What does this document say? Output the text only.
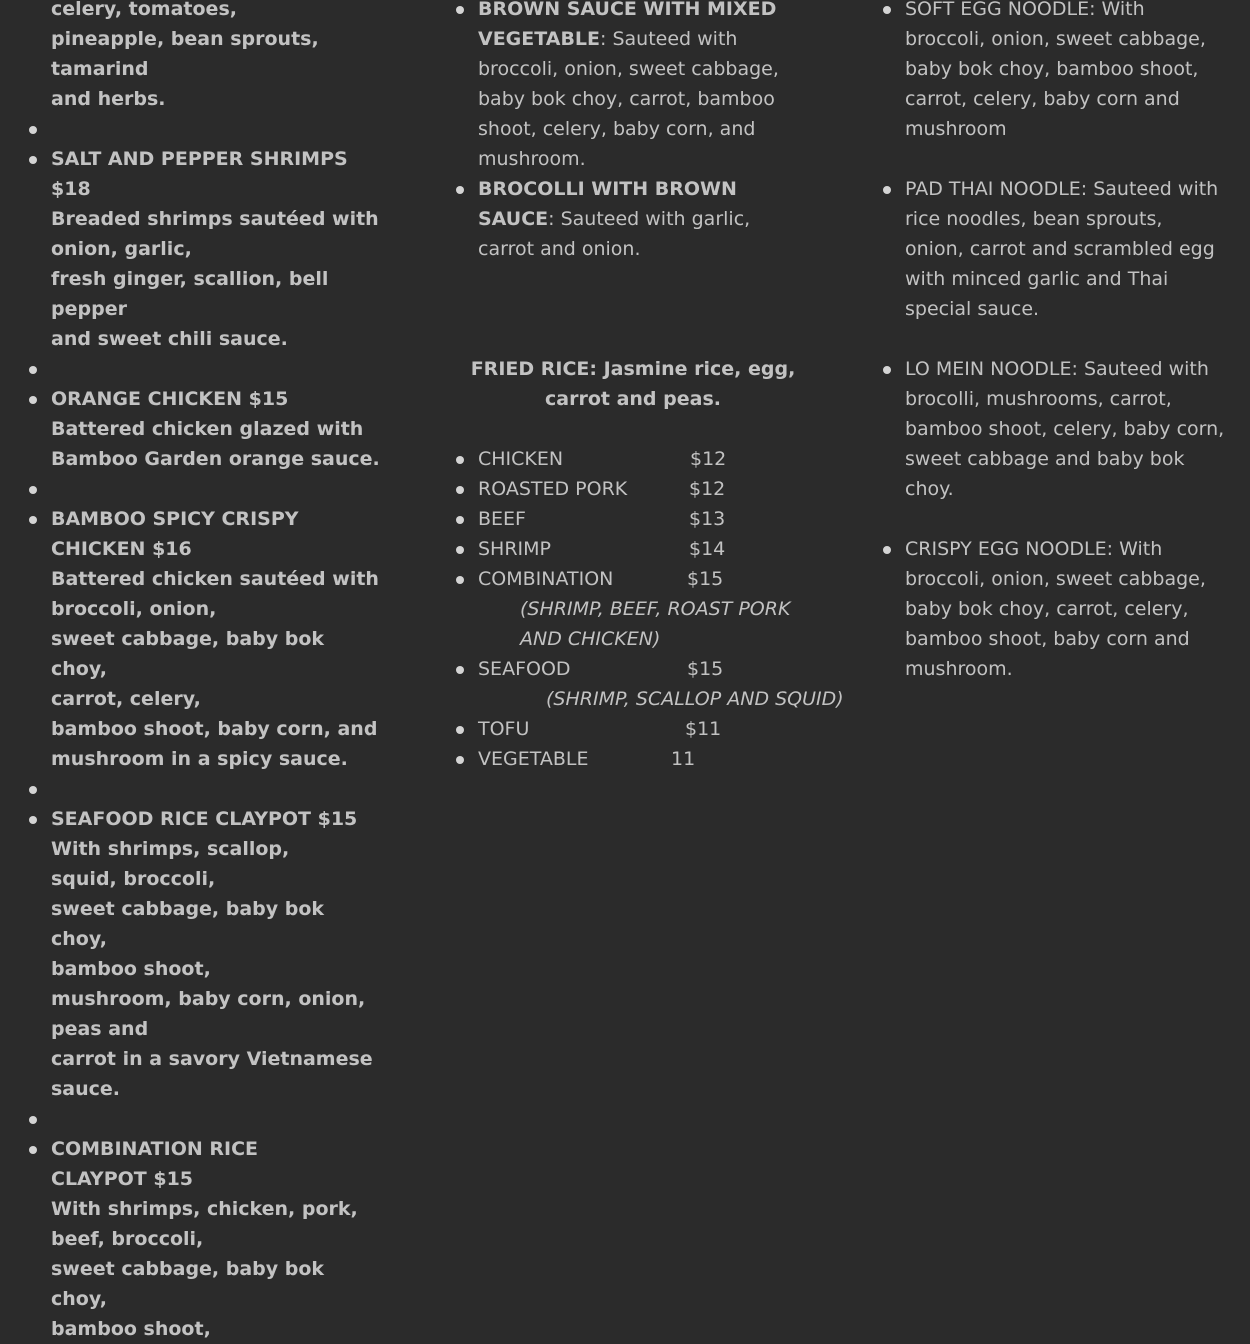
celery, tomatoes,
pineapple, bean sprouts, tamarind
and herbs.
SALT AND PEPPER SHRIMPS $18
Breaded shrimps sautéed with
onion, garlic,
fresh ginger, scallion, bell pepper
and sweet chili sauce.
ORANGE CHICKEN $15
Battered chicken glazed with
Bamboo Garden orange sauce.
BAMBOO SPICY CRISPY
CHICKEN $16
Battered chicken sautéed with
broccoli, onion,
sweet cabbage, baby bok choy,
carrot, celery,
bamboo shoot, baby corn, and
mushroom in a spicy sauce.
SEAFOOD RICE CLAYPOT $15
With shrimps, scallop,
squid, broccoli,
sweet cabbage, baby bok choy,
bamboo shoot,
mushroom, baby corn, onion,
peas and
carrot in a savory Vietnamese sauce.
COMBINATION RICE
CLAYPOT $15
With shrimps, chicken, pork,
beef, broccoli,
sweet cabbage, baby bok choy,
bamboo shoot,
BROWN SAUCE WITH MIXED VEGETABLE: Sauteed with broccoli, onion, sweet cabbage, baby bok choy, carrot, bamboo shoot, celery, baby corn, and mushroom.
BROCOLLI WITH BROWN SAUCE: Sauteed with garlic, carrot and onion.
FRIED RICE: Jasmine rice, egg, carrot and peas.
CHICKEN	$12
ROASTED PORK	$12
BEEF	$13
SHRIMP	$14
COMBINATION	$15
(SHRIMP, BEEF, ROAST PORK AND CHICKEN)
SEAFOOD	$15
(SHRIMP, SCALLOP AND SQUID)
TOFU	$11
VEGETABLE	11
SOFT EGG NOODLE: With broccoli, onion, sweet cabbage, baby bok choy, bamboo shoot, carrot, celery, baby corn and mushroom
PAD THAI NOODLE: Sauteed with rice noodles, bean sprouts, onion, carrot and scrambled egg with minced garlic and Thai special sauce.
LO MEIN NOODLE: Sauteed with brocolli, mushrooms, carrot, bamboo shoot, celery, baby corn, sweet cabbage and baby bok choy.
CRISPY EGG NOODLE: With broccoli, onion, sweet cabbage, baby bok choy, carrot, celery, bamboo shoot, baby corn and mushroom.
